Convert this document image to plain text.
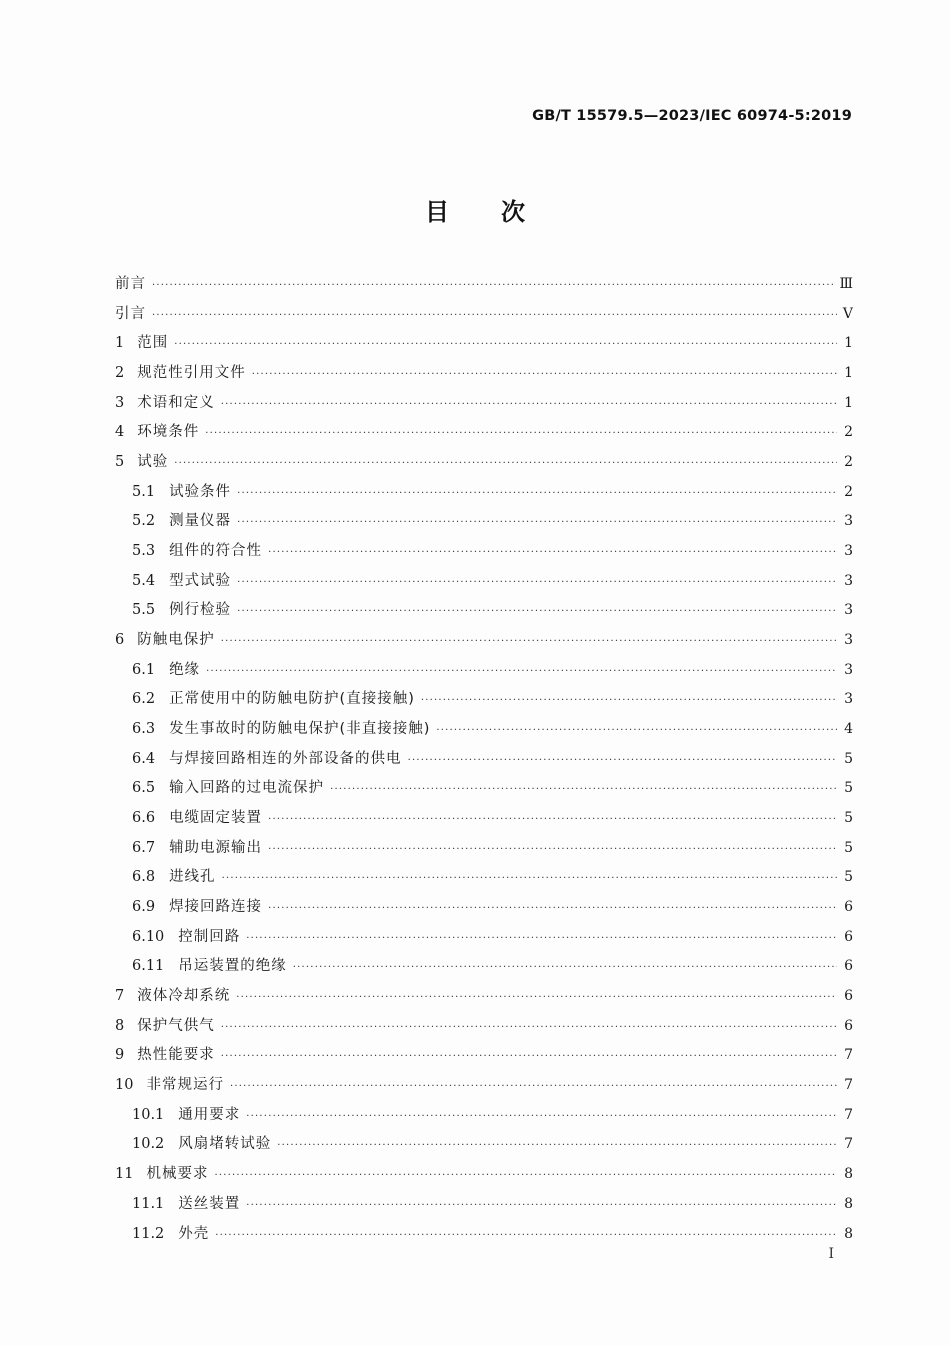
GB/T 15579.5—2023/IEC 60974-5:2019
目 次
前言 ·····	Ⅲ
引言 ·····	Ⅴ
1 范围 ·····	1
2 规范性引用文件 ·····	1
3 术语和定义 ·····	1
4 环境条件 ·····	2
5 试验 ·····	2
5.1 试验条件 ·····	2
5.2 测量仪器 ·····	3
5.3 组件的符合性 ·····	3
5.4 型式试验 ·····	3
5.5 例行检验 ·····	3
6 防触电保护 ·····	3
6.1 绝缘 ·····	3
6.2 正常使用中的防触电防护(直接接触) ·····	3
6.3 发生事故时的防触电保护(非直接接触) ·····	4
6.4 与焊接回路相连的外部设备的供电 ·····	5
6.5 输入回路的过电流保护 ·····	5
6.6 电缆固定装置 ·····	5
6.7 辅助电源输出 ·····	5
6.8 进线孔 ·····	5
6.9 焊接回路连接 ·····	6
6.10 控制回路 ·····	6
6.11 吊运装置的绝缘 ·····	6
7 液体冷却系统 ·····	6
8 保护气供气 ·····	6
9 热性能要求 ·····	7
10 非常规运行 ·····	7
10.1 通用要求 ·····	7
10.2 风扇堵转试验 ·····	7
11 机械要求 ·····	8
11.1 送丝装置 ·····	8
11.2 外壳 ·····	8
Ⅰ
